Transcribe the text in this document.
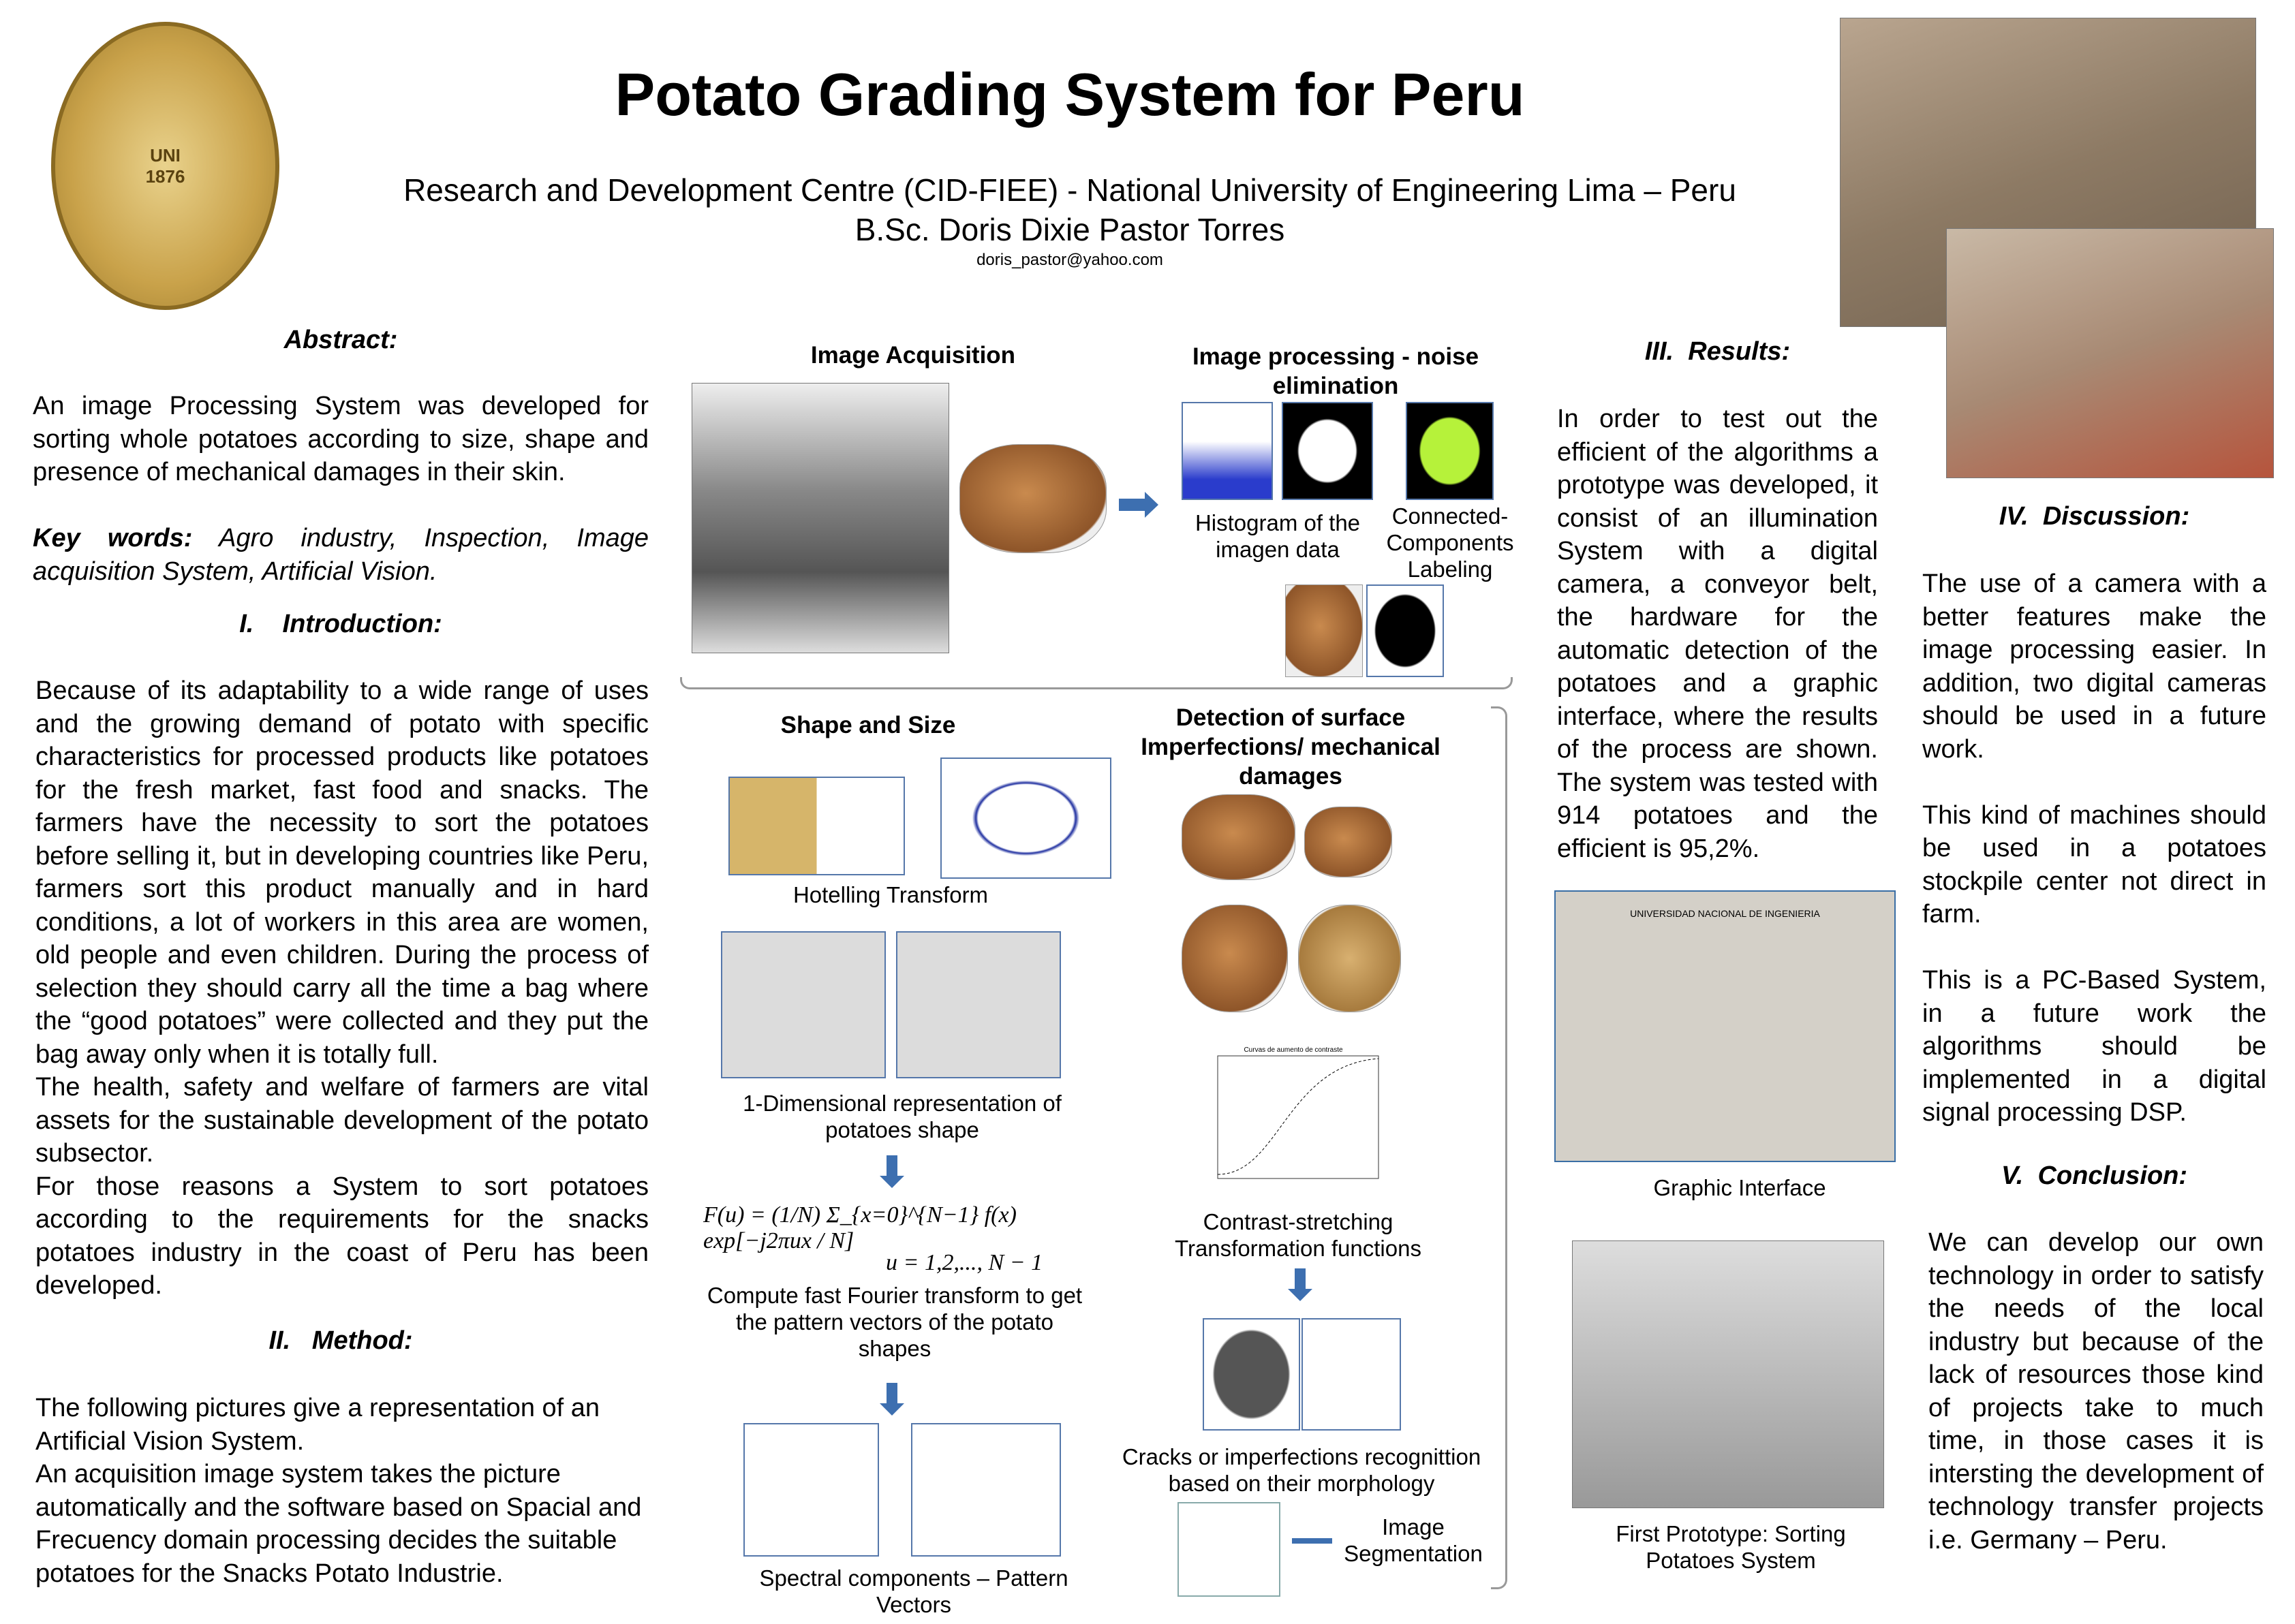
UNI
1876
Potato Grading System for Peru
Research and Development Centre (CID-FIEE) - National University of Engineering Lima – Peru
B.Sc. Doris Dixie Pastor Torres
doris_pastor@yahoo.com
Abstract:
An image Processing System was developed for sorting whole potatoes according to size, shape and presence of mechanical damages in their skin.
Key words: Agro industry, Inspection, Image acquisition System, Artificial Vision.
I.    Introduction:
Because of its adaptability to a wide range of uses and the growing demand of potato with specific characteristics for processed products like potatoes for the fresh market, fast food and snacks. The farmers have the necessity to sort the potatoes before selling it, but in developing countries like Peru, farmers sort this product manually and in hard conditions, a lot of workers in this area are women, old people and even children. During the process of selection they should carry all the time a bag where the “good potatoes” were collected and they put the bag away only when it is totally full.
The health, safety and welfare of farmers are vital assets for the sustainable development of the potato subsector.
For those reasons a System to sort potatoes according to the requirements for the snacks potatoes industry in the coast of Peru has been developed.
II.   Method:
The following pictures give a representation of an Artificial Vision System.
An acquisition image system takes the picture automatically and the software based on Spacial and Frecuency domain processing decides the suitable potatoes for the Snacks Potato Industrie.
Image Acquisition	Image processing - noise elimination
Histogram of the imagen data
Connected-Components Labeling
Shape and Size
Hotelling Transform
1-Dimensional representation of potatoes shape
F(u) = (1/N) Σ_{x=0}^{N−1} f(x) exp[−j2πux / N]
u = 1,2,..., N − 1
Compute fast Fourier transform to get the pattern vectors of the potato shapes
Spectral components – Pattern Vectors
Detection of surface Imperfections/ mechanical damages
Curvas de aumento de contraste
Contrast-stretching Transformation functions
Cracks or imperfections recognittion based on their morphology
Image Segmentation
III.  Results:
In order to test out the efficient of the algorithms a prototype was developed, it consist of an illumination System with a digital camera, a conveyor belt, the hardware for the automatic detection of the potatoes and a graphic interface, where the results of the process are shown. The system was tested with 914 potatoes and the efficient is 95,2%.
UNIVERSIDAD NACIONAL DE INGENIERIA
Graphic Interface
First Prototype: Sorting Potatoes System
IV.  Discussion:
The use of a camera with a better features make the image processing easier. In addition, two digital cameras should be used in a future work.

This kind of machines should be used in a potatoes stockpile center not direct in farm.

This is a PC-Based System, in a future work the algorithms should be implemented in a digital signal processing DSP.
V.  Conclusion:
We can develop our own technology in order to satisfy the needs of the local industry but because of the lack of resources those kind of projects take to much time, in those cases it is intersting the development of technology transfer projects i.e. Germany – Peru.
